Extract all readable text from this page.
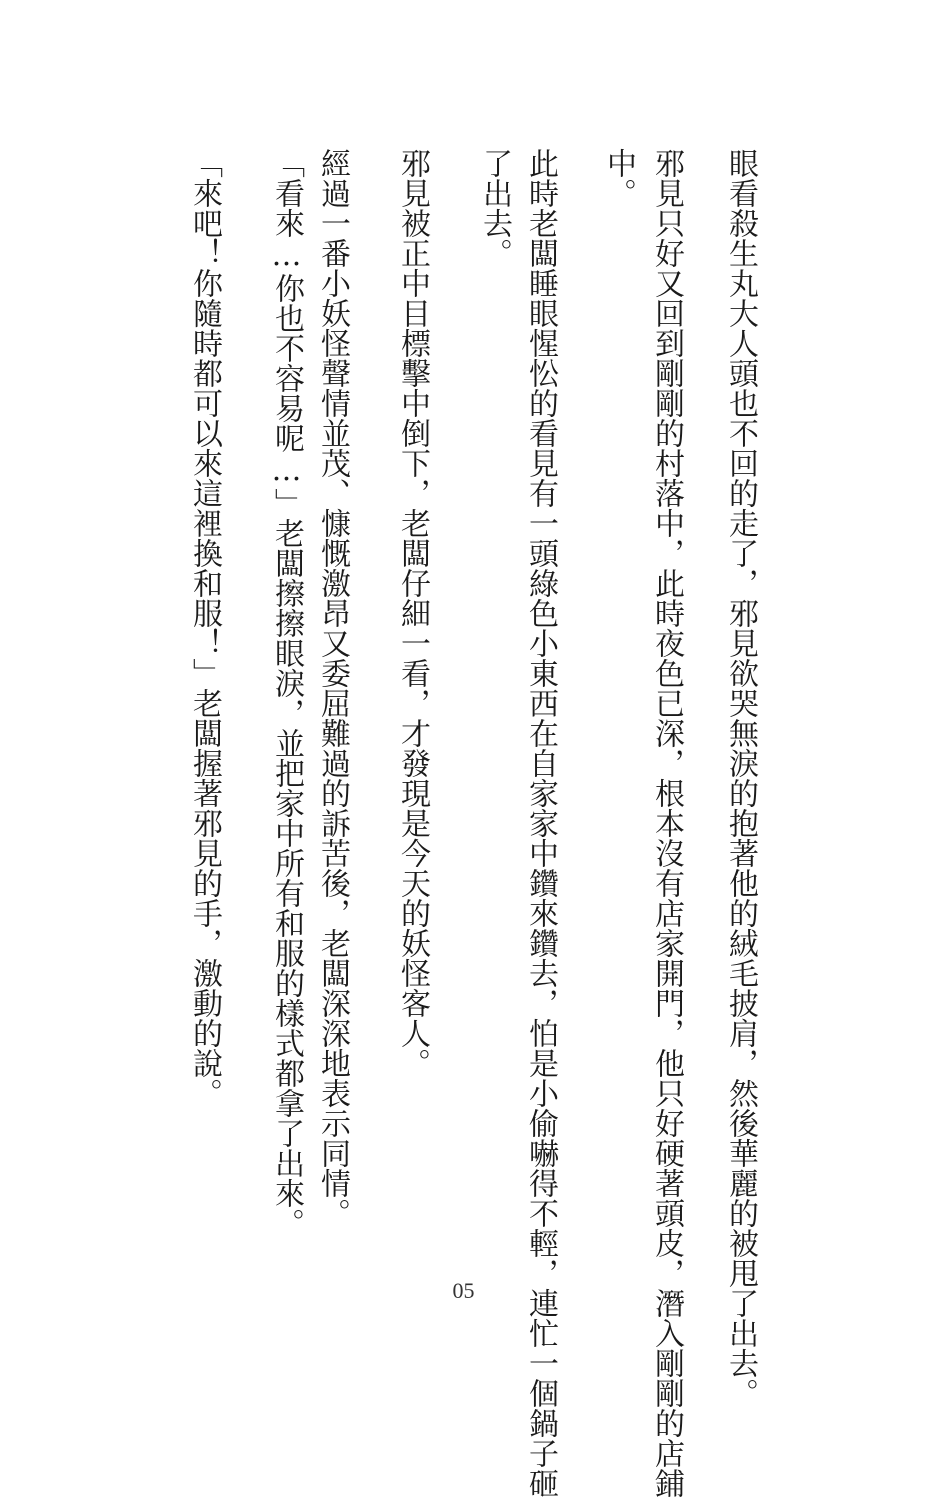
眼看殺生丸大人頭也不回的走了，邪見欲哭無淚的抱著他的絨毛披肩，然後華麗的被甩了出去。
邪見只好又回到剛剛的村落中，此時夜色已深，根本沒有店家開門，他只好硬著頭皮，潛入剛剛的店鋪
中。
此時老闆睡眼惺忪的看見有一頭綠色小東西在自家家中鑽來鑽去，怕是小偷嚇得不輕，連忙一個鍋子砸
了出去。
邪見被正中目標擊中倒下，老闆仔細一看，才發現是今天的妖怪客人。
經過一番小妖怪聲情並茂、慷慨激昂又委屈難過的訴苦後，老闆深深地表示同情。
「看來…你也不容易呢…」老闆擦擦眼淚，並把家中所有和服的樣式都拿了出來。
「來吧！你隨時都可以來這裡換和服！」老闆握著邪見的手，激動的說。
05
